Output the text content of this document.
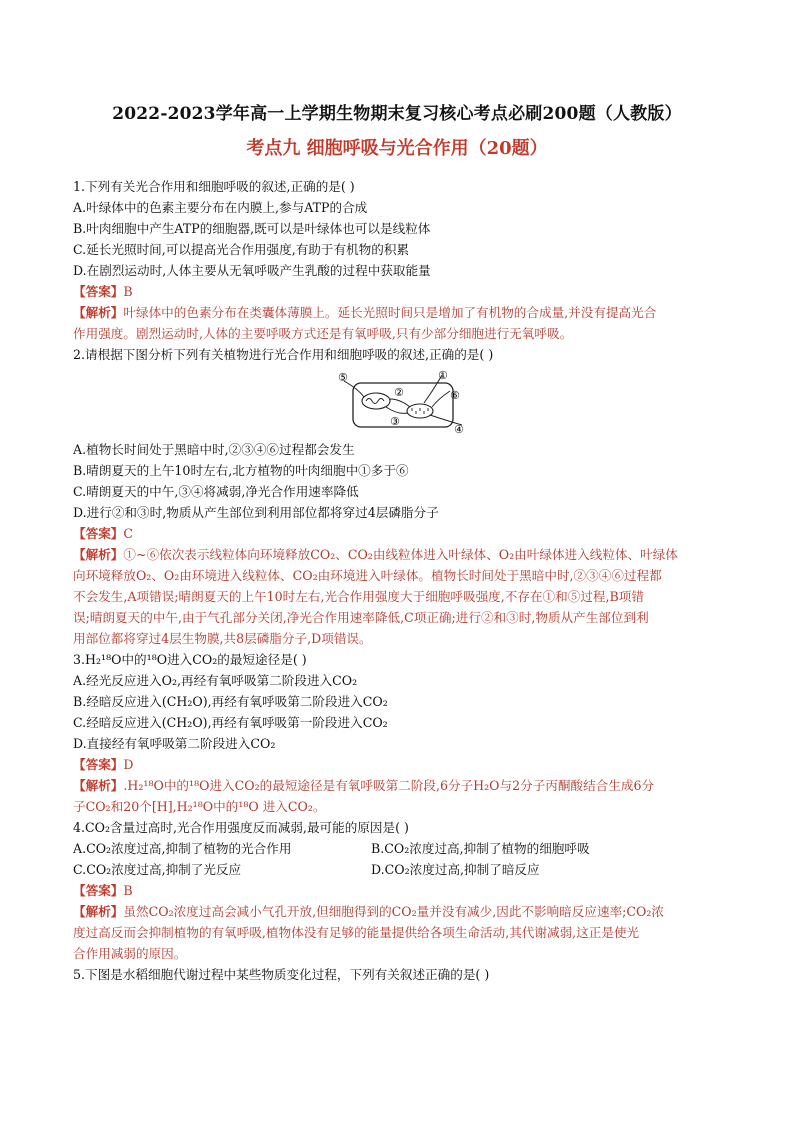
2022-2023学年高一上学期生物期末复习核心考点必刷200题（人教版）
考点九 细胞呼吸与光合作用（20题）
1.下列有关光合作用和细胞呼吸的叙述,正确的是( )
A.叶绿体中的色素主要分布在内膜上,参与ATP的合成
B.叶肉细胞中产生ATP的细胞器,既可以是叶绿体也可以是线粒体
C.延长光照时间,可以提高光合作用强度,有助于有机物的积累
D.在剧烈运动时,人体主要从无氧呼吸产生乳酸的过程中获取能量
【答案】B
【解析】叶绿体中的色素分布在类囊体薄膜上。延长光照时间只是增加了有机物的合成量,并没有提高光合
作用强度。剧烈运动时,人体的主要呼吸方式还是有氧呼吸,只有少部分细胞进行无氧呼吸。
2.请根据下图分析下列有关植物进行光合作用和细胞呼吸的叙述,正确的是( )
①
②
③
④
⑤
⑥
A.植物长时间处于黑暗中时,②③④⑥过程都会发生
B.晴朗夏天的上午10时左右,北方植物的叶肉细胞中①多于⑥
C.晴朗夏天的中午,③④将减弱,净光合作用速率降低
D.进行②和③时,物质从产生部位到利用部位都将穿过4层磷脂分子
【答案】C
【解析】①~⑥依次表示线粒体向环境释放CO₂、CO₂由线粒体进入叶绿体、O₂由叶绿体进入线粒体、叶绿体
向环境释放O₂、O₂由环境进入线粒体、CO₂由环境进入叶绿体。植物长时间处于黑暗中时,②③④⑥过程都
不会发生,A项错误;晴朗夏天的上午10时左右,光合作用强度大于细胞呼吸强度,不存在①和⑤过程,B项错
误;晴朗夏天的中午,由于气孔部分关闭,净光合作用速率降低,C项正确;进行②和③时,物质从产生部位到利
用部位都将穿过4层生物膜,共8层磷脂分子,D项错误。
3.H₂¹⁸O中的¹⁸O进入CO₂的最短途径是( )
A.经光反应进入O₂,再经有氧呼吸第二阶段进入CO₂
B.经暗反应进入(CH₂O),再经有氧呼吸第二阶段进入CO₂
C.经暗反应进入(CH₂O),再经有氧呼吸第一阶段进入CO₂
D.直接经有氧呼吸第二阶段进入CO₂
【答案】D
【解析】.H₂¹⁸O中的¹⁸O进入CO₂的最短途径是有氧呼吸第二阶段,6分子H₂O与2分子丙酮酸结合生成6分
子CO₂和20个[H],H₂¹⁸O中的¹⁸O 进入CO₂。
4.CO₂含量过高时,光合作用强度反而减弱,最可能的原因是( )
A.CO₂浓度过高,抑制了植物的光合作用	B.CO₂浓度过高,抑制了植物的细胞呼吸
C.CO₂浓度过高,抑制了光反应	D.CO₂浓度过高,抑制了暗反应
【答案】B
【解析】虽然CO₂浓度过高会减小气孔开放,但细胞得到的CO₂量并没有减少,因此不影响暗反应速率;CO₂浓
度过高反而会抑制植物的有氧呼吸,植物体没有足够的能量提供给各项生命活动,其代谢减弱,这正是使光
合作用减弱的原因。
5.下图是水稻细胞代谢过程中某些物质变化过程，下列有关叙述正确的是( )
